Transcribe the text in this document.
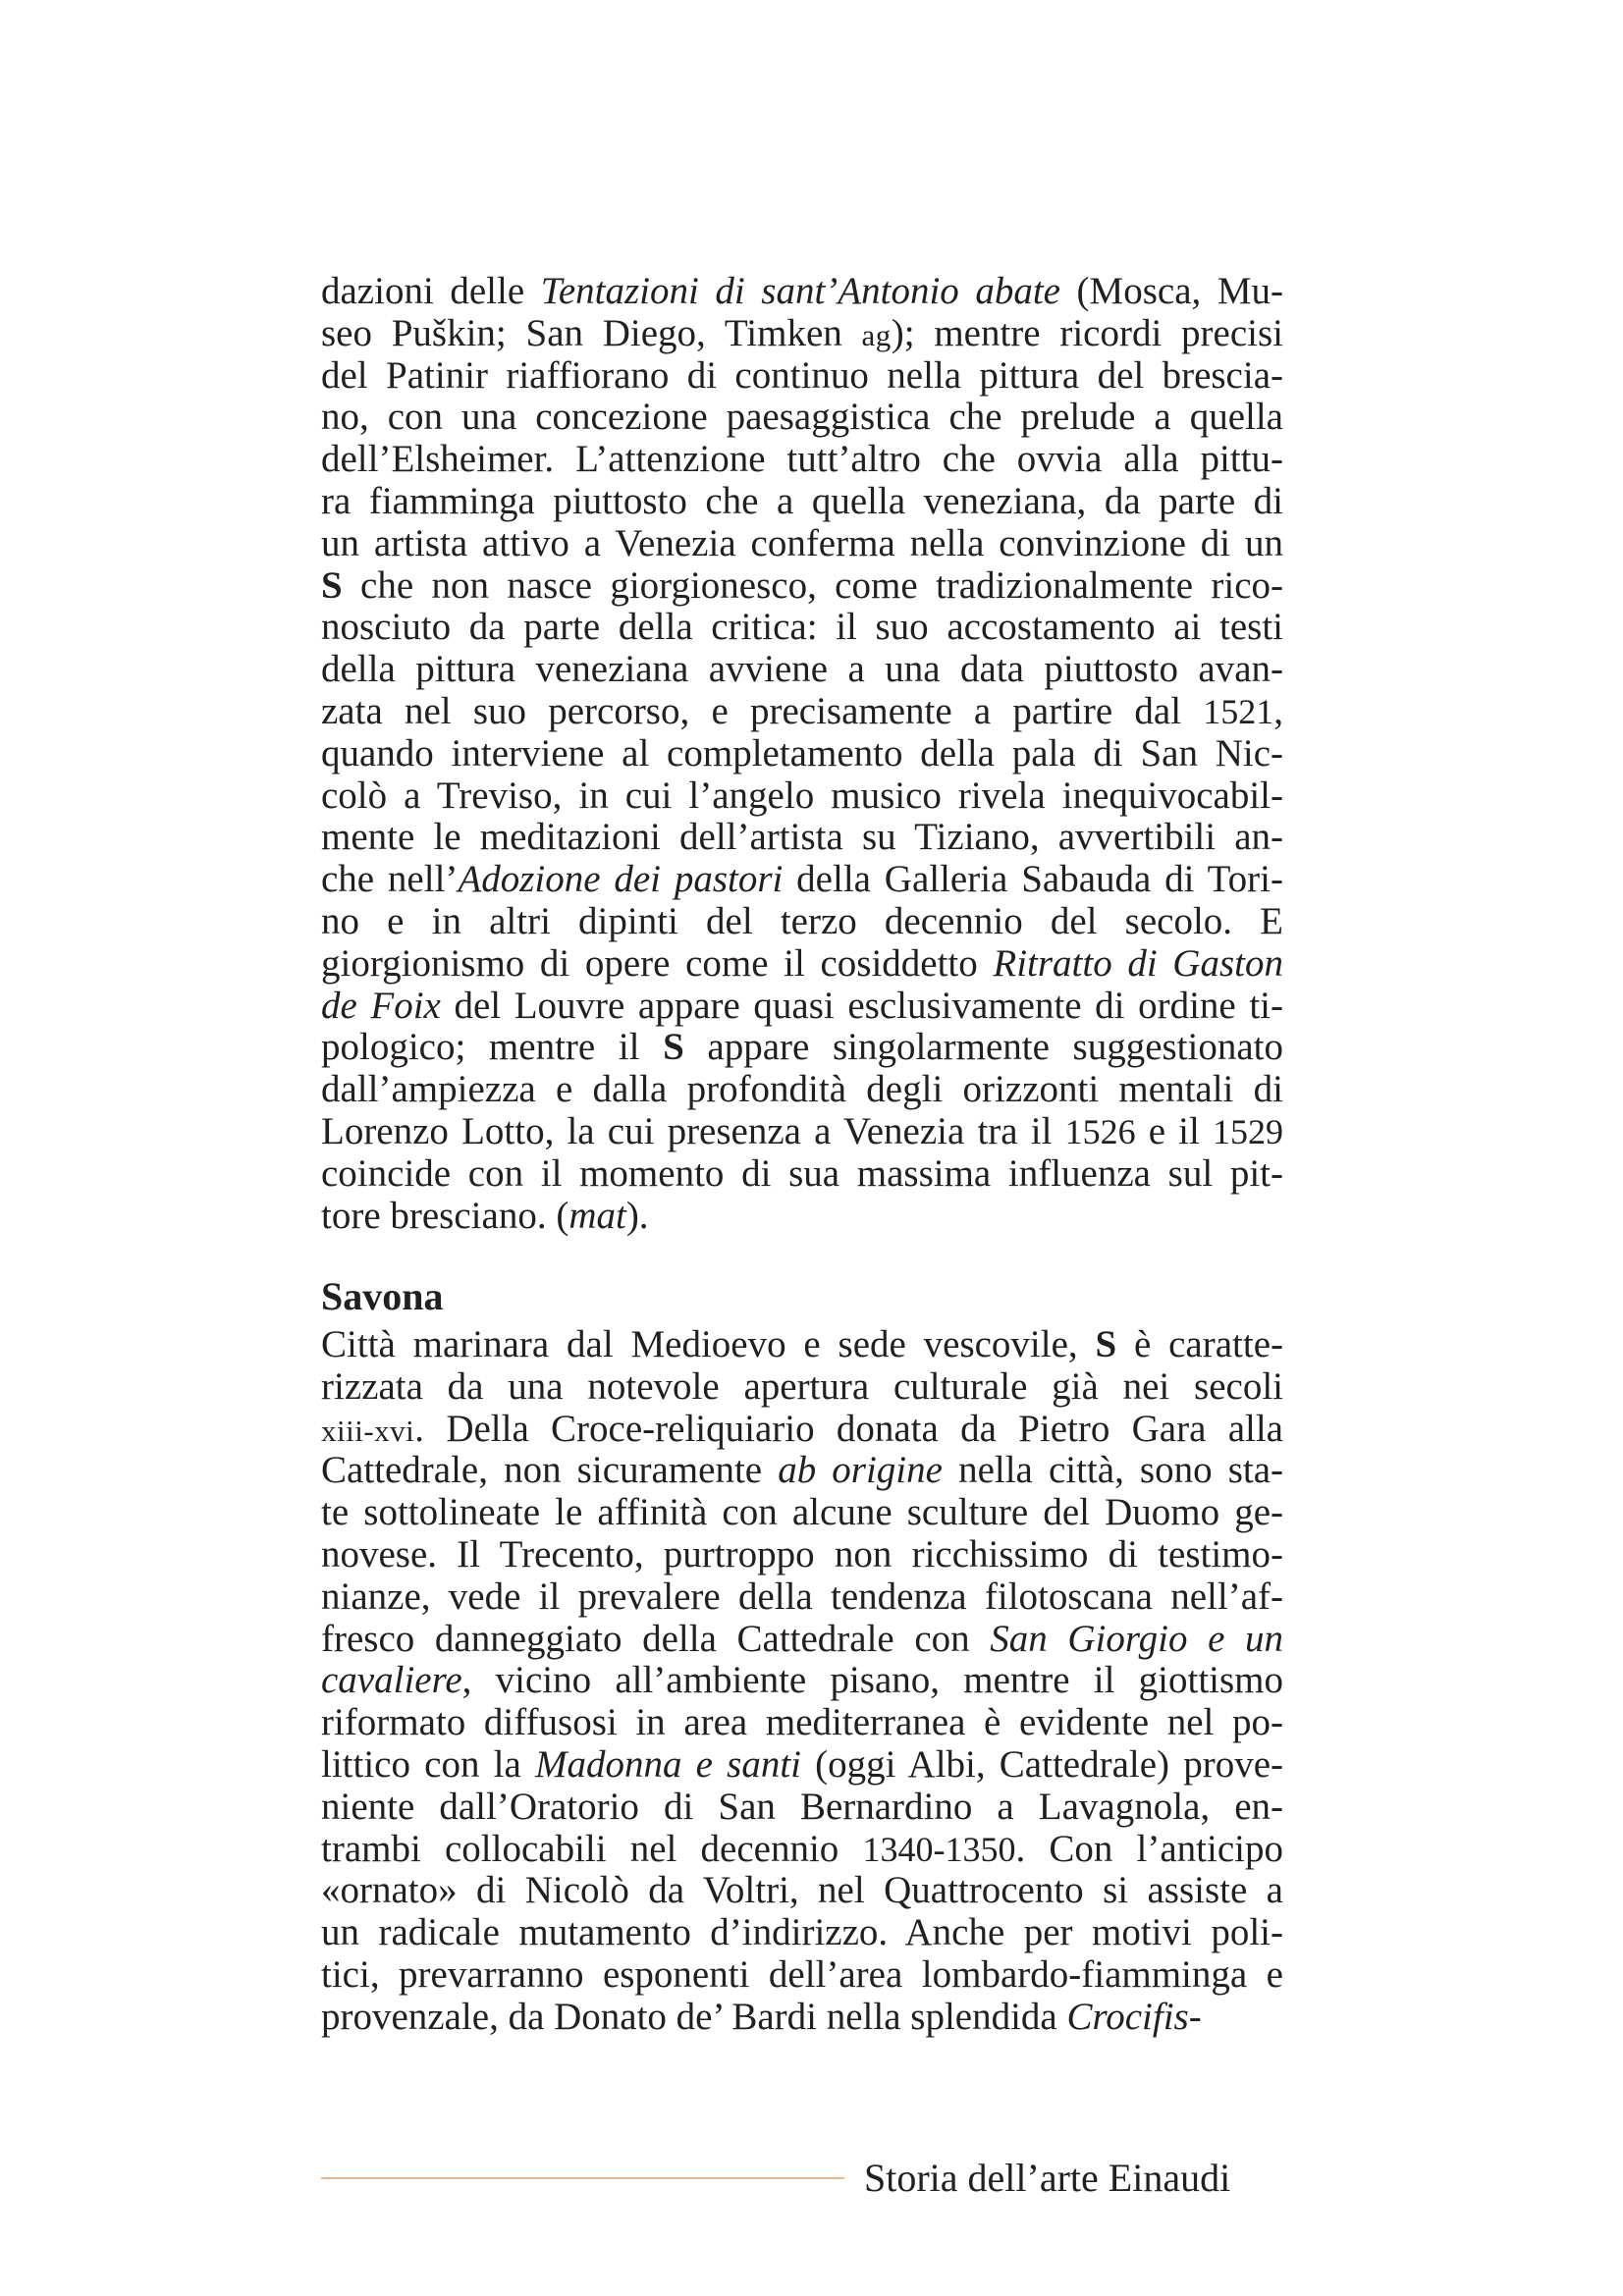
dazioni delle Tentazioni di sant’Antonio abate (Mosca, Mu-
seo Puškin; San Diego, Timken ag); mentre ricordi precisi
del Patinir riaffiorano di continuo nella pittura del brescia-
no, con una concezione paesaggistica che prelude a quella
dell’Elsheimer. L’attenzione tutt’altro che ovvia alla pittu-
ra fiamminga piuttosto che a quella veneziana, da parte di
un artista attivo a Venezia conferma nella convinzione di un
S che non nasce giorgionesco, come tradizionalmente rico-
nosciuto da parte della critica: il suo accostamento ai testi
della pittura veneziana avviene a una data piuttosto avan-
zata nel suo percorso, e precisamente a partire dal 1521,
quando interviene al completamento della pala di San Nic-
colò a Treviso, in cui l’angelo musico rivela inequivocabil-
mente le meditazioni dell’artista su Tiziano, avvertibili an-
che nell’Adozione dei pastori della Galleria Sabauda di Tori-
no e in altri dipinti del terzo decennio del secolo. E
giorgionismo di opere come il cosiddetto Ritratto di Gaston
de Foix del Louvre appare quasi esclusivamente di ordine ti-
pologico; mentre il S appare singolarmente suggestionato
dall’ampiezza e dalla profondità degli orizzonti mentali di
Lorenzo Lotto, la cui presenza a Venezia tra il 1526 e il 1529
coincide con il momento di sua massima influenza sul pit-
tore bresciano. (mat).
Savona
Città marinara dal Medioevo e sede vescovile, S è caratte-
rizzata da una notevole apertura culturale già nei secoli
xiii-xvi. Della Croce-reliquiario donata da Pietro Gara alla
Cattedrale, non sicuramente ab origine nella città, sono sta-
te sottolineate le affinità con alcune sculture del Duomo ge-
novese. Il Trecento, purtroppo non ricchissimo di testimo-
nianze, vede il prevalere della tendenza filotoscana nell’af-
fresco danneggiato della Cattedrale con San Giorgio e un
cavaliere, vicino all’ambiente pisano, mentre il giottismo
riformato diffusosi in area mediterranea è evidente nel po-
littico con la Madonna e santi (oggi Albi, Cattedrale) prove-
niente dall’Oratorio di San Bernardino a Lavagnola, en-
trambi collocabili nel decennio 1340-1350. Con l’anticipo
«ornato» di Nicolò da Voltri, nel Quattrocento si assiste a
un radicale mutamento d’indirizzo. Anche per motivi poli-
tici, prevarranno esponenti dell’area lombardo-fiamminga e
provenzale, da Donato de’ Bardi nella splendida Crocifis-
Storia dell’arte Einaudi
